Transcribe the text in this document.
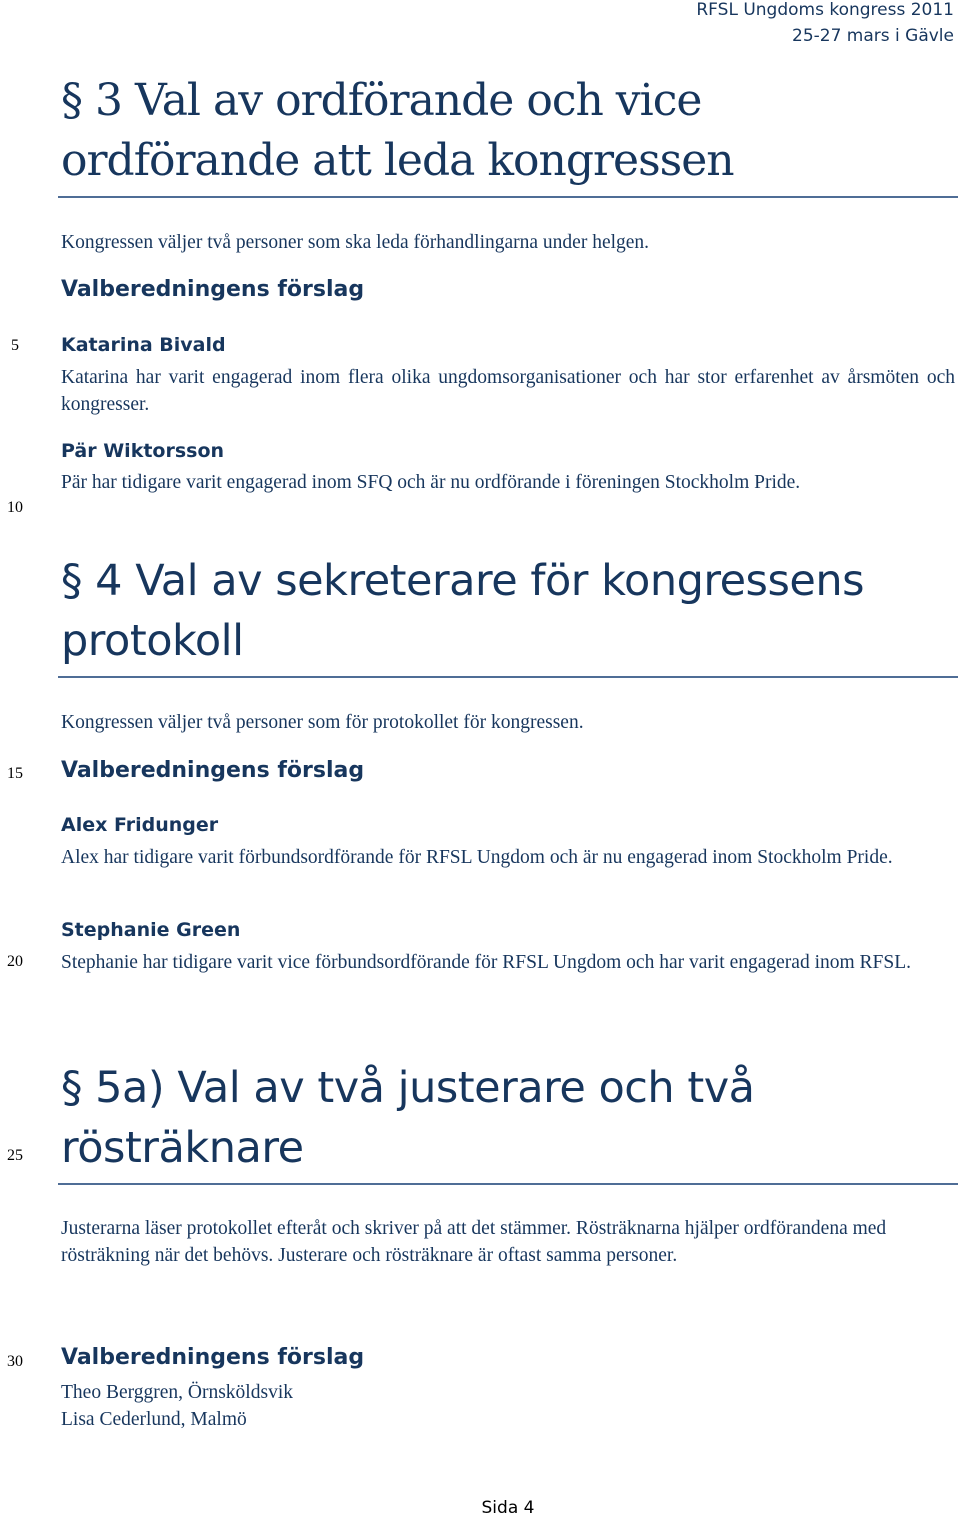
RFSL Ungdoms kongress 2011
25-27 mars i Gävle
5
10
15
20
25
30
§ 3 Val av ordförande och vice
ordförande att leda kongressen
Kongressen väljer två personer som ska leda förhandlingarna under helgen.
Valberedningens förslag
Katarina Bivald
Katarina har varit engagerad inom flera olika ungdomsorganisationer och har stor erfarenhet av årsmöten och kongresser.
Pär Wiktorsson
Pär har tidigare varit engagerad inom SFQ och är nu ordförande i föreningen Stockholm Pride.
§ 4 Val av sekreterare för kongressens
protokoll
Kongressen väljer två personer som för protokollet för kongressen.
Valberedningens förslag
Alex Fridunger
Alex har tidigare varit förbundsordförande för RFSL Ungdom och är nu engagerad inom Stockholm Pride.
Stephanie Green
Stephanie har tidigare varit vice förbundsordförande för RFSL Ungdom och har varit engagerad inom RFSL.
§ 5a) Val av två justerare och två
rösträknare
Justerarna läser protokollet efteråt och skriver på att det stämmer. Rösträknarna hjälper ordförandena med rösträkning när det behövs. Justerare och rösträknare är oftast samma personer.
Valberedningens förslag
Theo Berggren, Örnsköldsvik
Lisa Cederlund, Malmö
Sida 4
